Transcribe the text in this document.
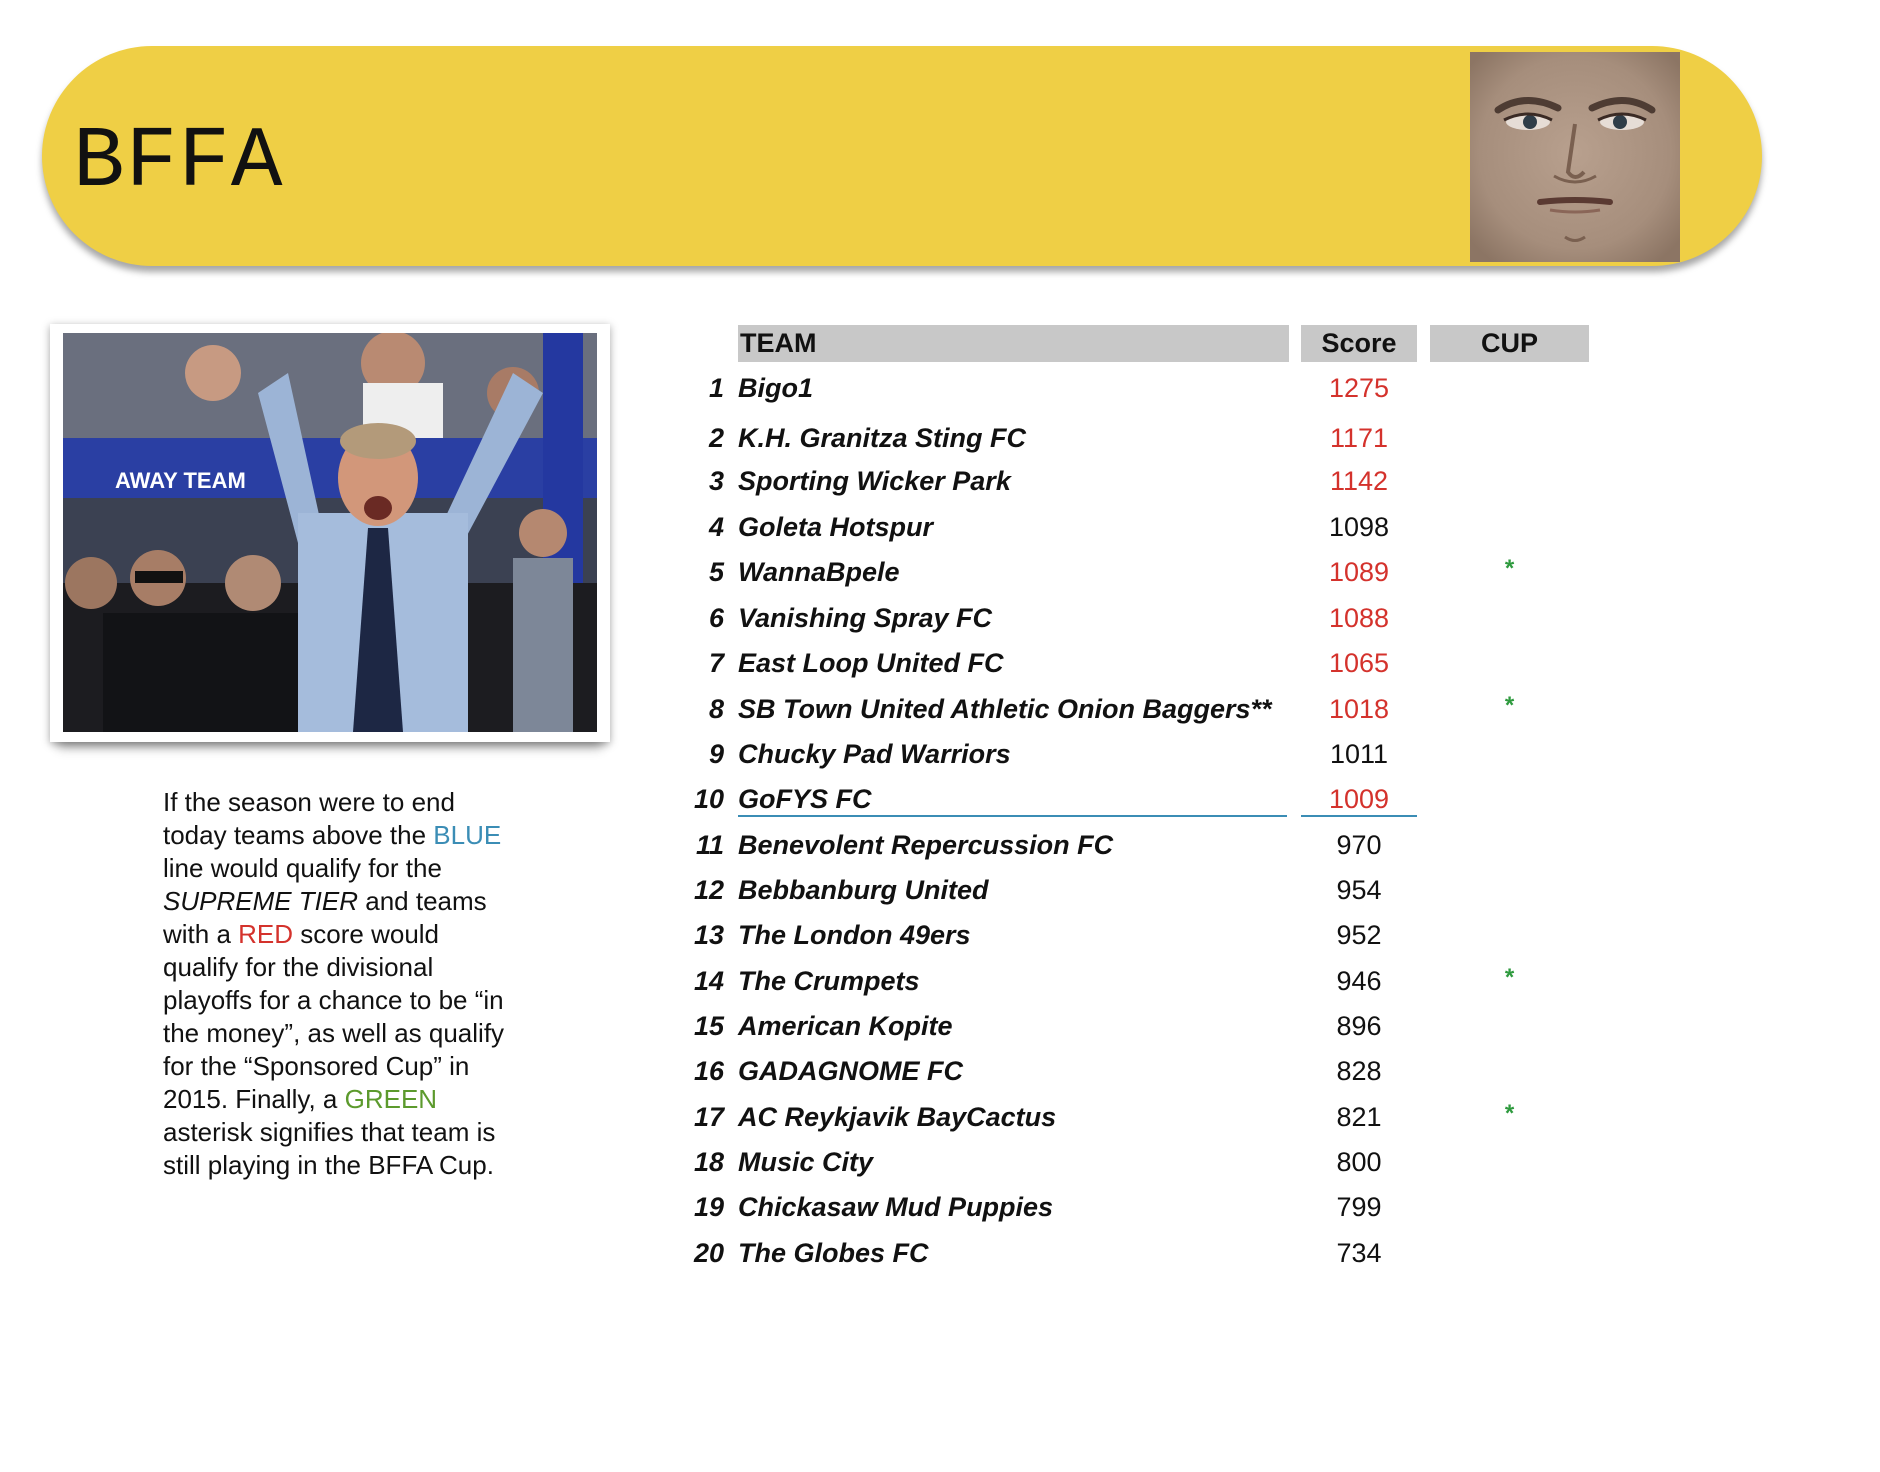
BFFA
AWAY TEAM
If the season were to end today teams above the BLUE line would qualify for the SUPREME TIER and teams with a RED score would qualify for the divisional playoffs for a chance to be “in the money”, as well as qualify for the “Sponsored Cup” in 2015. Finally, a GREEN asterisk signifies that team is still playing in the BFFA Cup.
TEAM	Score	CUP
1 Bigo1	1275
2 K.H. Granitza Sting FC	1171
3 Sporting Wicker Park	1142
4 Goleta Hotspur	1098
5 WannaBpele	1089	*
6 Vanishing Spray FC	1088
7 East Loop United FC	1065
8 SB Town United Athletic Onion Baggers**	1018	*
9 Chucky Pad Warriors	1011
10 GoFYS FC	1009
11 Benevolent Repercussion FC	970
12 Bebbanburg United	954
13 The London 49ers	952
14 The Crumpets	946	*
15 American Kopite	896
16 GADAGNOME FC	828
17 AC Reykjavik BayCactus	821	*
18 Music City	800
19 Chickasaw Mud Puppies	799
20 The Globes FC	734
